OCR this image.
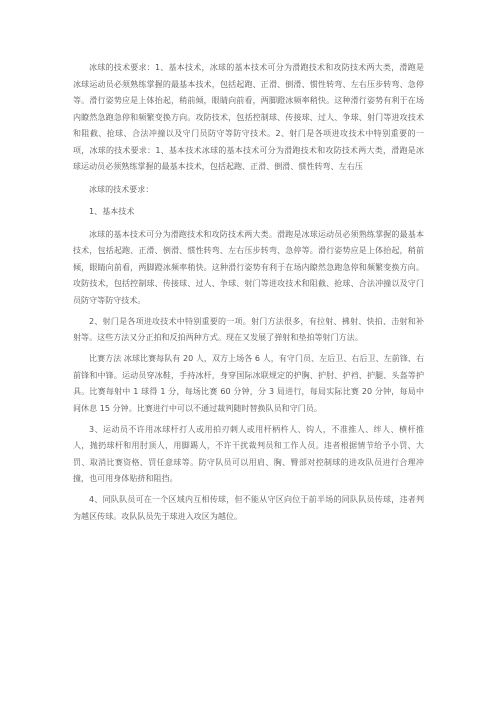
冰球的技术要求：1、基本技术，冰球的基本技术可分为滑跑技术和攻防技术两大类，滑跑是冰球运动员必须熟练掌握的最基本技术，包括起跑、正滑、倒滑、惯性转弯、左右压步转弯、急停等。滑行姿势应是上体抬起，稍前倾，眼睛向前看，两脚蹬冰频率稍快。这种滑行姿势有利于在场内瞭然急跑急停和频繁变换方向。攻防技术，包括控制球、传接球、过人、争球、射门等进攻技术和阻截、抢球、合法冲撞以及守门员防守等防守技术。2、射门是各项进攻技术中特别重要的一项，冰球的技术要求：1、基本技术冰球的基本技术可分为滑跑技术和攻防技术两大类，滑跑是冰球运动员必须熟练掌握的最基本技术，包括起跑、正滑、倒滑、惯性转弯、左右压

冰球的技术要求：

1、基本技术

冰球的基本技术可分为滑跑技术和攻防技术两大类。滑跑是冰球运动员必须熟练掌握的最基本技术，包括起跑、正滑、倒滑、惯性转弯、左右压步转弯、急停等。滑行姿势应是上体抬起，稍前倾，眼睛向前看，两脚蹬冰频率稍快。这种滑行姿势有利于在场内瞭然急跑急停和频繁变换方向。攻防技术，包括控制球、传接球、过人、争球、射门等进攻技术和阻截、抢球、合法冲撞以及守门员防守等防守技术。

2、射门是各项进攻技术中特别重要的一项。射门方法很多，有拉射、拂射、快拍、击射和补射等。这些方法又分正拍和反拍两种方式。现在又发展了弹射和垫拍等射门方法。

比赛方法 冰球比赛每队有 20 人，双方上场各 6 人，有守门员、左后卫、右后卫、左前锋、右前锋和中锋。运动员穿冰鞋，手持冰杆，身穿国际冰联规定的护胸、护肘、护裆、护腿、头盔等护具。比赛每射中 1 球得 1 分，每场比赛 60 分钟，分 3 局进行，每局实际比赛 20 分钟，每局中间休息 15 分钟。比赛进行中可以不通过裁判随时替换队员和守门员。

3、运动员不许用冰球杆打人或用拍刃刺人或用杆柄杵人、钩人，不准推人、绊人、横杆推人，抛扔球杆和用肘顶人，用脚踢人，不许干扰裁判员和工作人员。违者根据情节给予小罚、大罚、取消比赛资格、罚任意球等。防守队员可以用肩、胸、臀部对控制球的进攻队员进行合理冲撞，也可用身体贴挤和阻挡。

4、同队队员可在一个区域内互相传球，但不能从守区向位于前半场的同队队员传球，违者判为越区传球。攻队队员先于球进入攻区为越位。
